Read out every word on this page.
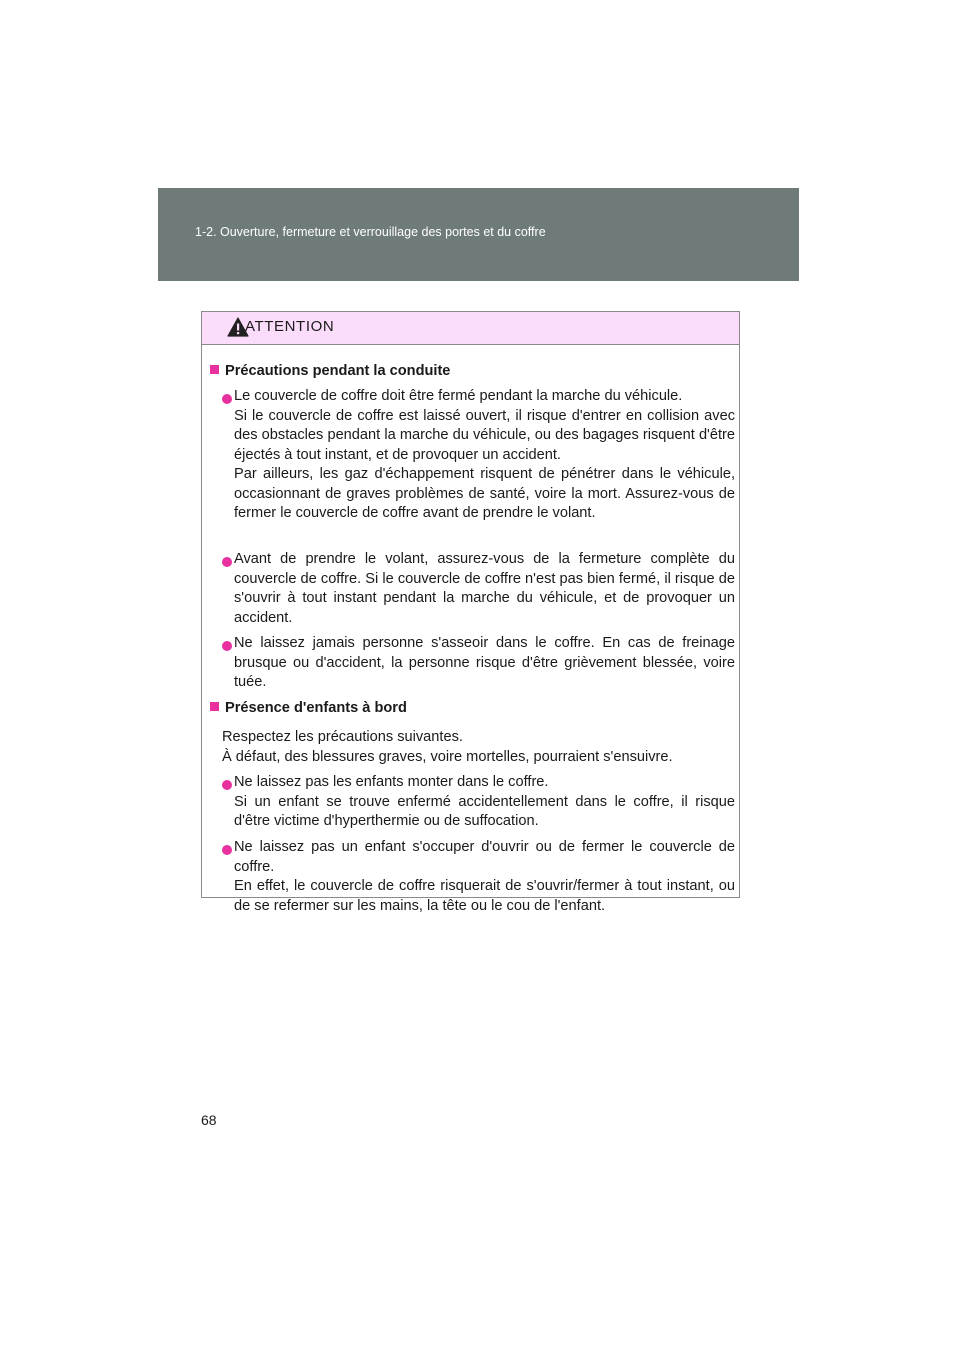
1-2. Ouverture, fermeture et verrouillage des portes et du coffre
ATTENTION
Précautions pendant la conduite
Le couvercle de coffre doit être fermé pendant la marche du véhicule.
Si le couvercle de coffre est laissé ouvert, il risque d'entrer en collision avec des obstacles pendant la marche du véhicule, ou des bagages risquent d'être éjectés à tout instant, et de provoquer un accident.
Par ailleurs, les gaz d'échappement risquent de pénétrer dans le véhicule, occasionnant de graves problèmes de santé, voire la mort. Assurez-vous de fermer le couvercle de coffre avant de prendre le volant.
Avant de prendre le volant, assurez-vous de la fermeture complète du couvercle de coffre. Si le couvercle de coffre n'est pas bien fermé, il risque de s'ouvrir à tout instant pendant la marche du véhicule, et de provoquer un accident.
Ne laissez jamais personne s'asseoir dans le coffre. En cas de freinage brusque ou d'accident, la personne risque d'être grièvement blessée, voire tuée.
Présence d'enfants à bord
Respectez les précautions suivantes.
À défaut, des blessures graves, voire mortelles, pourraient s'ensuivre.
Ne laissez pas les enfants monter dans le coffre.
Si un enfant se trouve enfermé accidentellement dans le coffre, il risque d'être victime d'hyperthermie ou de suffocation.
Ne laissez pas un enfant s'occuper d'ouvrir ou de fermer le couvercle de coffre.
En effet, le couvercle de coffre risquerait de s'ouvrir/fermer à tout instant, ou de se refermer sur les mains, la tête ou le cou de l'enfant.
68
